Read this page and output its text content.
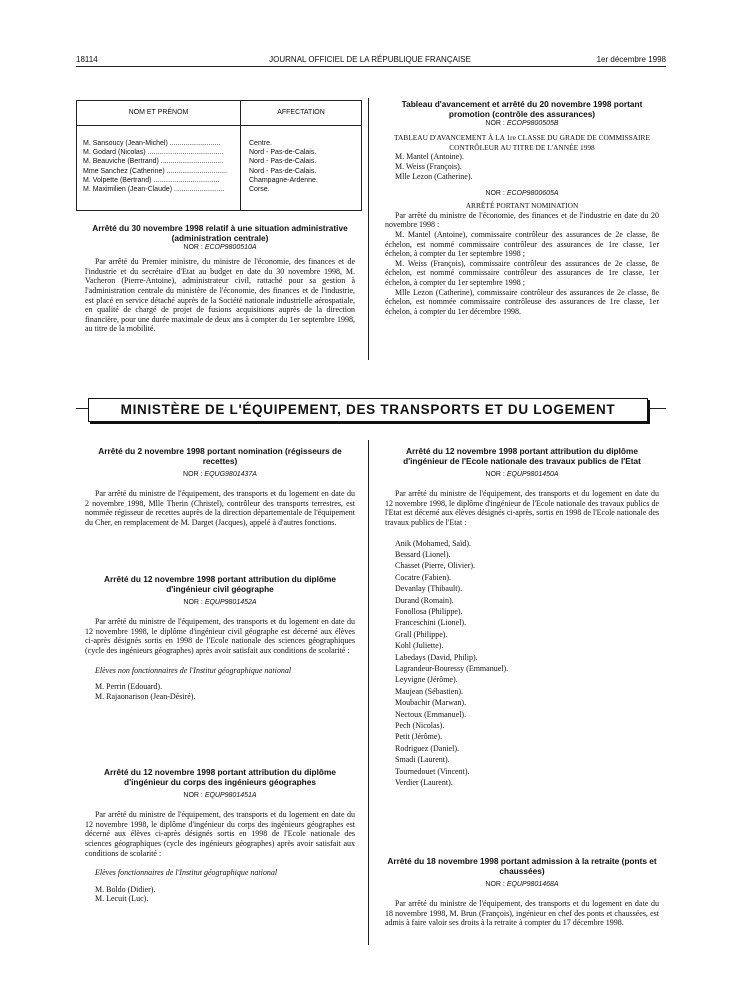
18114	JOURNAL OFFICIEL DE LA RÉPUBLIQUE FRANÇAISE	1er décembre 1998
NOM ET PRÉNOM	AFFECTATION
M. Sansoucy (Jean-Michel) ..........................	Centre.
M. Godard (Nicolas) .......................................	Nord - Pas-de-Calais.
M. Beauviche (Bertrand) ................................	Nord - Pas-de-Calais.
Mme Sanchez (Catherine) ...............................	Nord - Pas-de-Calais.
M. Volpette (Bertrand) ..................................	Champagne-Ardenne.
M. Maximilien (Jean-Claude) ..........................	Corse.
Arrêté du 30 novembre 1998 relatif à une situation administrative (administration centrale)
NOR : ECOP9800510A

Par arrêté du Premier ministre, du ministre de l'économie, des finances et de l'industrie et du secrétaire d'Etat au budget en date du 30 novembre 1998, M. Vacheron (Pierre-Antoine), administrateur civil, rattaché pour sa gestion à l'administration centrale du ministère de l'économie, des finances et de l'industrie, est placé en service détaché auprès de la Société nationale industrielle aérospatiale, en qualité de chargé de projet de fusions acquisitions auprès de la direction financière, pour une durée maximale de deux ans à compter du 1er septembre 1998, au titre de la mobilité.

Tableau d'avancement et arrêté du 20 novembre 1998 portant promotion (contrôle des assurances)
NOR : ECOP9800505B
TABLEAU D'AVANCEMENT À LA 1re CLASSE DU GRADE DE COMMISSAIRE CONTRÔLEUR AU TITRE DE L'ANNÉE 1998
M. Mantel (Antoine).
M. Weiss (François).
Mlle Lezon (Catherine).
NOR : ECOP9800605A
ARRÊTÉ PORTANT NOMINATION

Par arrêté du ministre de l'économie, des finances et de l'industrie en date du 20 novembre 1998 :

M. Mantel (Antoine), commissaire contrôleur des assurances de 2e classe, 8e échelon, est nommé commissaire contrôleur des assurances de 1re classe, 1er échelon, à compter du 1er septembre 1998 ;

M. Weiss (François), commissaire contrôleur des assurances de 2e classe, 8e échelon, est nommé commissaire contrôleur des assurances de 1re classe, 1er échelon, à compter du 1er septembre 1998 ;

Mlle Lezon (Catherine), commissaire contrôleur des assurances de 2e classe, 8e échelon, est nommée commissaire contrôleuse des assurances de 1re classe, 1er échelon, à compter du 1er décembre 1998.

MINISTÈRE DE L'ÉQUIPEMENT, DES TRANSPORTS ET DU LOGEMENT
Arrêté du 2 novembre 1998 portant nomination (régisseurs de recettes)
NOR : EQUG9801437A

Par arrêté du ministre de l'équipement, des transports et du logement en date du 2 novembre 1998, Mlle Therin (Christel), contrôleur des transports terrestres, est nommée régisseur de recettes auprès de la direction départementale de l'équipement du Cher, en remplacement de M. Darget (Jacques), appelé à d'autres fonctions.

Arrêté du 12 novembre 1998 portant attribution du diplôme d'ingénieur civil géographe
NOR : EQUP9801452A

Par arrêté du ministre de l'équipement, des transports et du logement en date du 12 novembre 1998, le diplôme d'ingénieur civil géographe est décerné aux élèves ci-après désignés sortis en 1998 de l'Ecole nationale des sciences géographiques (cycle des ingénieurs géographes) après avoir satisfait aux conditions de scolarité :

Elèves non fonctionnaires de l'Institut géographique national

M. Perrin (Edouard).
M. Rajaonarison (Jean-Désiré).
Arrêté du 12 novembre 1998 portant attribution du diplôme d'ingénieur du corps des ingénieurs géographes
NOR : EQUP9801451A

Par arrêté du ministre de l'équipement, des transports et du logement en date du 12 novembre 1998, le diplôme d'ingénieur du corps des ingénieurs géographes est décerné aux élèves ci-après désignés sortis en 1998 de l'Ecole nationale des sciences géographiques (cycle des ingénieurs géographes) après avoir satisfait aux conditions de scolarité :

Elèves fonctionnaires de l'Institut géographique national

M. Boldo (Didier).
M. Lecuit (Luc).
Arrêté du 12 novembre 1998 portant attribution du diplôme d'ingénieur de l'Ecole nationale des travaux publics de l'Etat
NOR : EQUP9801450A

Par arrêté du ministre de l'équipement, des transports et du logement en date du 12 novembre 1998, le diplôme d'ingénieur de l'Ecole nationale des travaux publics de l'Etat est décerné aux élèves désignés ci-après, sortis en 1998 de l'Ecole nationale des travaux publics de l'Etat :

Anik (Mohamed, Saïd).
Bessard (Lionel).
Chasset (Pierre, Olivier).
Cocatre (Fabien).
Devanlay (Thibault).
Durand (Romain).
Fonollosa (Philippe).
Franceschini (Lionel).
Grall (Philippe).
Kohl (Juliette).
Labedays (David, Philip).
Lagrandeur-Bouressy (Emmanuel).
Leyvigne (Jérôme).
Maujean (Sébastien).
Moubachir (Marwan).
Nectoux (Emmanuel).
Pech (Nicolas).
Petit (Jérôme).
Rodriguez (Daniel).
Smadi (Laurent).
Tournedouet (Vincent).
Verdier (Laurent).
Arrêté du 18 novembre 1998 portant admission à la retraite (ponts et chaussées)
NOR : EQUP9801468A

Par arrêté du ministre de l'équipement, des transports et du logement en date du 18 novembre 1998, M. Brun (François), ingénieur en chef des ponts et chaussées, est admis à faire valoir ses droits à la retraite à compter du 17 décembre 1998.
